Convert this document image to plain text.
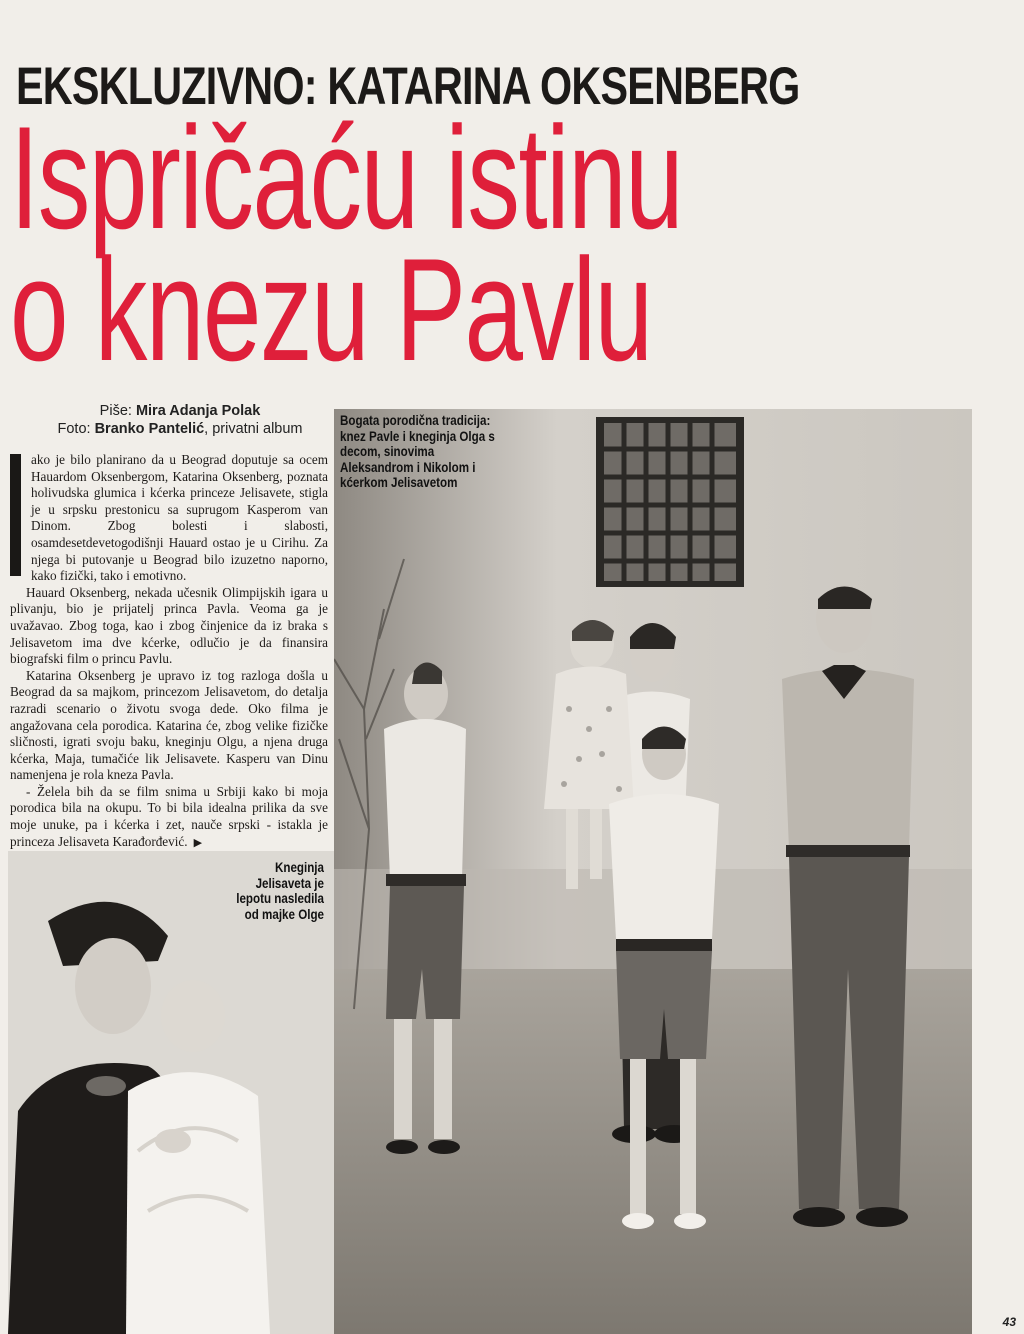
EKSKLUZIVNO: KATARINA OKSENBERG
Ispričaću istinu
o knezu Pavlu
Piše: Mira Adanja Polak
Foto: Branko Pantelić, privatni album

ako je bilo planirano da u Beograd doputuje sa ocem Hauardom Oksenbergom, Katarina Oksenberg, poznata holivudska glumica i kćerka princeze Jelisavete, stigla je u srpsku prestonicu sa suprugom Kasperom van Dinom. Zbog bolesti i slabosti, osamdesetdevetogodišnji Hauard ostao je u Cirihu. Za njega bi putovanje u Beograd bilo izuzetno naporno, kako fizički, tako i emotivno.

Hauard Oksenberg, nekada učesnik Olimpijskih igara u plivanju, bio je prijatelj princa Pavla. Veoma ga je uvažavao. Zbog toga, kao i zbog činjenice da iz braka s Jelisavetom ima dve kćerke, odlučio je da finansira biografski film o princu Pavlu.

Katarina Oksenberg je upravo iz tog razloga došla u Beograd da sa majkom, princezom Jelisavetom, do detalja razradi scenario o životu svoga dede. Oko filma je angažovana cela porodica. Katarina će, zbog velike fizičke sličnosti, igrati svoju baku, kneginju Olgu, a njena druga kćerka, Maja, tumačiće lik Jelisavete. Kasperu van Dinu namenjena je rola kneza Pavla.

- Želela bih da se film snima u Srbiji kako bi moja porodica bila na okupu. To bi bila idealna prilika da sve moje unuke, pa i kćerka i zet, nauče srpski - istakla je princeza Jelisaveta Karađorđević. ▶

Bogata porodična tradicija: knez Pavle i kneginja Olga s decom, sinovima Aleksandrom i Nikolom i kćerkom Jelisavetom
Kneginja Jelisaveta je lepotu nasledila od majke Olge
43
